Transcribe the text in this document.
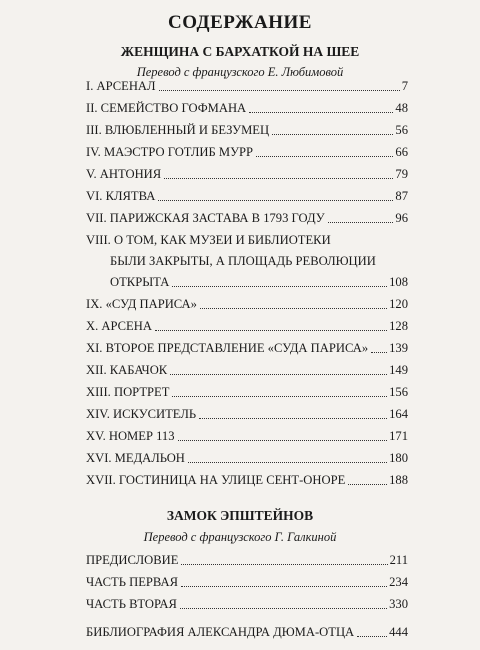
СОДЕРЖАНИЕ
ЖЕНЩИНА С БАРХАТКОЙ НА ШЕЕ
Перевод с французского Е. Любимовой
I. АРСЕНАЛ	7
II. СЕМЕЙСТВО ГОФМАНА	48
III. ВЛЮБЛЕННЫЙ И БЕЗУМЕЦ	56
IV. МАЭСТРО ГОТЛИБ МУРР	66
V. АНТОНИЯ	79
VI. КЛЯТВА	87
VII. ПАРИЖСКАЯ ЗАСТАВА В 1793 ГОДУ	96
VIII. О ТОМ, КАК МУЗЕИ И БИБЛИОТЕКИ
БЫЛИ ЗАКРЫТЫ, А ПЛОЩАДЬ РЕВОЛЮЦИИ
ОТКРЫТА	108
IX. «СУД ПАРИСА»	120
X. АРСЕНА	128
XI. ВТОРОЕ ПРЕДСТАВЛЕНИЕ «СУДА ПАРИСА» 139
XII. КАБАЧОК	149
XIII. ПОРТРЕТ	156
XIV. ИСКУСИТЕЛЬ	164
XV. НОМЕР 113	171
XVI. МЕДАЛЬОН	180
XVII. ГОСТИНИЦА НА УЛИЦЕ СЕНТ-ОНОРЕ	188
ЗАМОК ЭПШТЕЙНОВ
Перевод с французского Г. Галкиной
ПРЕДИСЛОВИЕ	211
ЧАСТЬ ПЕРВАЯ	234
ЧАСТЬ ВТОРАЯ	330
БИБЛИОГРАФИЯ АЛЕКСАНДРА ДЮМА-ОТЦА	444
